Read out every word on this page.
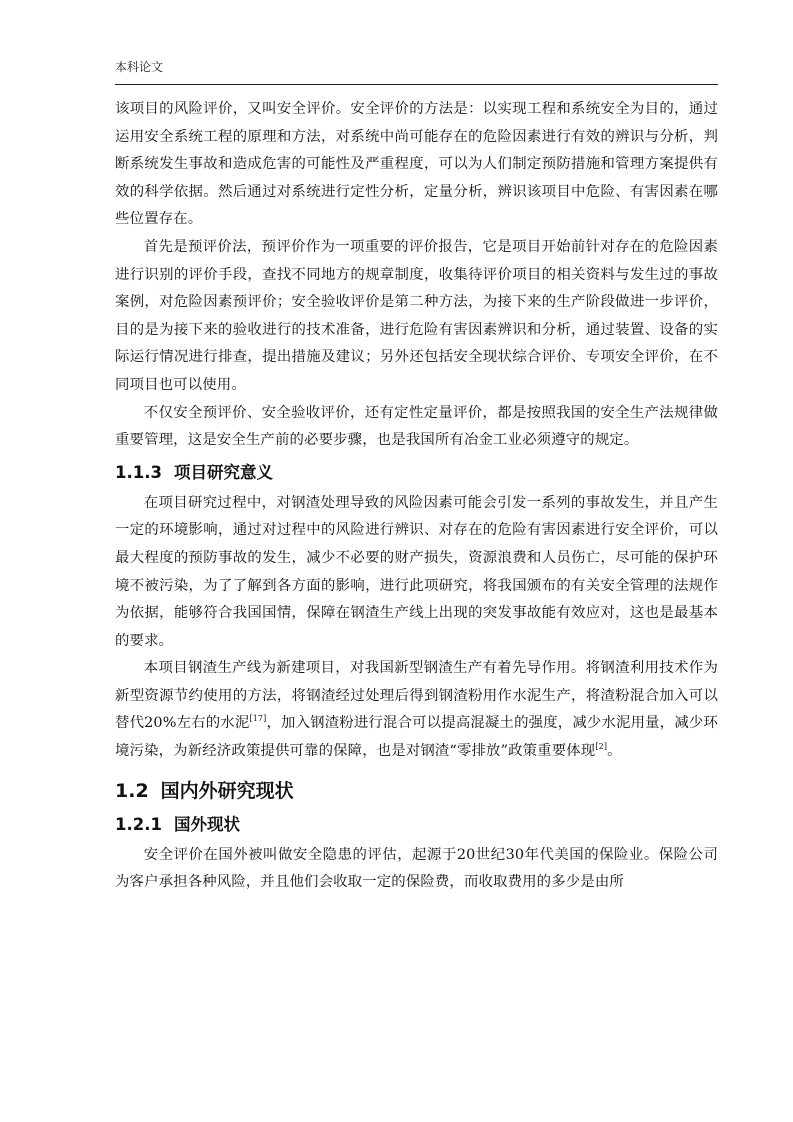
本科论文

该项目的风险评价，又叫安全评价。安全评价的方法是：以实现工程和系统安全为目的，通过运用安全系统工程的原理和方法，对系统中尚可能存在的危险因素进行有效的辨识与分析，判断系统发生事故和造成危害的可能性及严重程度，可以为人们制定预防措施和管理方案提供有效的科学依据。然后通过对系统进行定性分析，定量分析，辨识该项目中危险、有害因素在哪些位置存在。

首先是预评价法，预评价作为一项重要的评价报告，它是项目开始前针对存在的危险因素进行识别的评价手段，查找不同地方的规章制度，收集待评价项目的相关资料与发生过的事故案例，对危险因素预评价；安全验收评价是第二种方法，为接下来的生产阶段做进一步评价，目的是为接下来的验收进行的技术准备，进行危险有害因素辨识和分析，通过装置、设备的实际运行情况进行排查，提出措施及建议；另外还包括安全现状综合评价、专项安全评价，在不同项目也可以使用。

不仅安全预评价、安全验收评价，还有定性定量评价，都是按照我国的安全生产法规律做重要管理，这是安全生产前的必要步骤，也是我国所有冶金工业必须遵守的规定。

1.1.3 项目研究意义

在项目研究过程中，对钢渣处理导致的风险因素可能会引发一系列的事故发生，并且产生一定的环境影响，通过对过程中的风险进行辨识、对存在的危险有害因素进行安全评价，可以最大程度的预防事故的发生，减少不必要的财产损失，资源浪费和人员伤亡，尽可能的保护环境不被污染，为了了解到各方面的影响，进行此项研究，将我国颁布的有关安全管理的法规作为依据，能够符合我国国情，保障在钢渣生产线上出现的突发事故能有效应对，这也是最基本的要求。

本项目钢渣生产线为新建项目，对我国新型钢渣生产有着先导作用。将钢渣利用技术作为新型资源节约使用的方法，将钢渣经过处理后得到钢渣粉用作水泥生产，将渣粉混合加入可以替代20%左右的水泥[17]，加入钢渣粉进行混合可以提高混凝土的强度，减少水泥用量，减少环境污染，为新经济政策提供可靠的保障，也是对钢渣“零排放”政策重要体现[2]。

1.2 国内外研究现状
1.2.1 国外现状

安全评价在国外被叫做安全隐患的评估，起源于20世纪30年代美国的保险业。保险公司为客户承担各种风险，并且他们会收取一定的保险费，而收取费用的多少是由所
